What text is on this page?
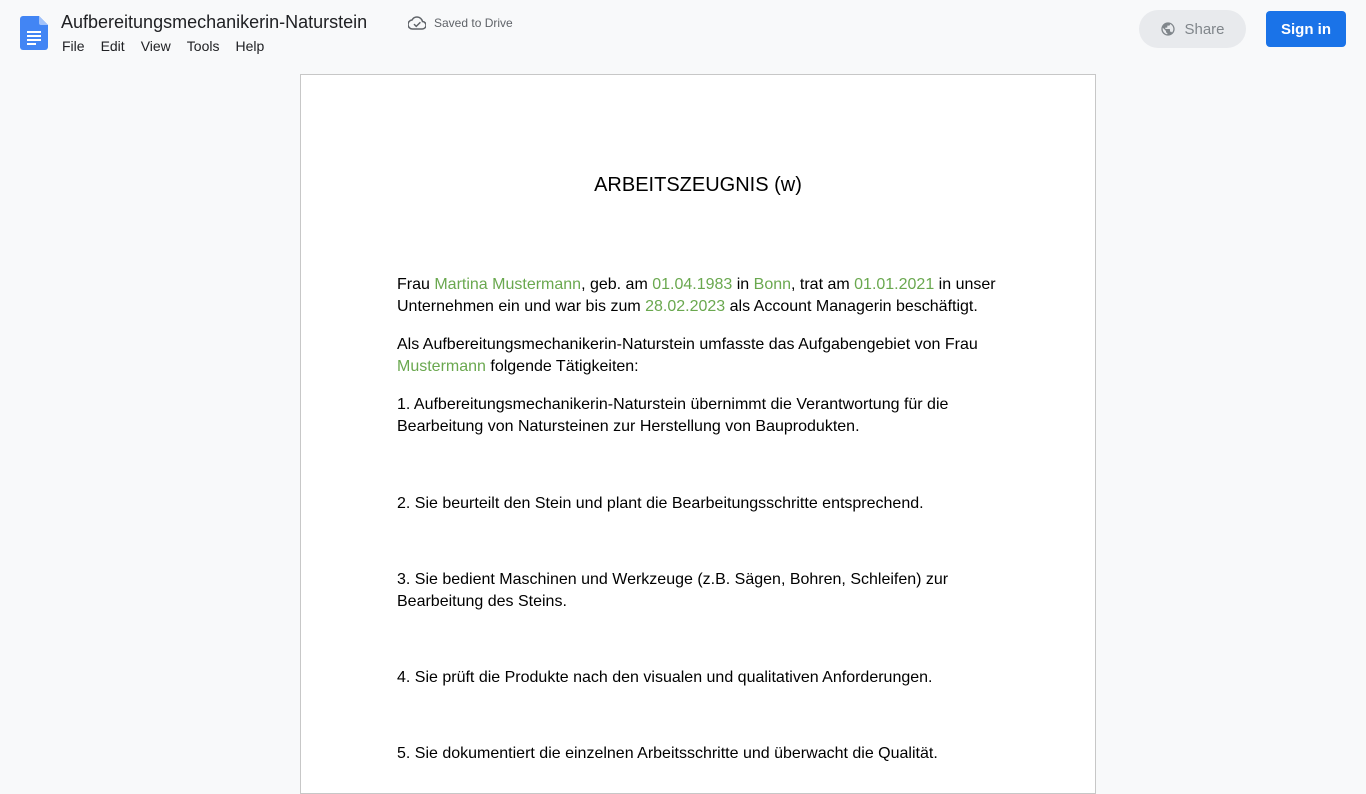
Aufbereitungsmechanikerin-Naturstein	Saved to Drive
File	Edit	View	Tools	Help
Share	Sign in
ARBEITSZEUGNIS (w)

Frau Martina Mustermann, geb. am 01.04.1983 in Bonn, trat am 01.01.2021 in unser Unternehmen ein und war bis zum 28.02.2023 als Account Managerin beschäftigt.

Als Aufbereitungsmechanikerin-Naturstein umfasste das Aufgabengebiet von Frau Mustermann folgende Tätigkeiten:

1. Aufbereitungsmechanikerin-Naturstein übernimmt die Verantwortung für die Bearbeitung von Natursteinen zur Herstellung von Bauprodukten.

2. Sie beurteilt den Stein und plant die Bearbeitungsschritte entsprechend.

3. Sie bedient Maschinen und Werkzeuge (z.B. Sägen, Bohren, Schleifen) zur Bearbeitung des Steins.

4. Sie prüft die Produkte nach den visualen und qualitativen Anforderungen.

5. Sie dokumentiert die einzelnen Arbeitsschritte und überwacht die Qualität.
